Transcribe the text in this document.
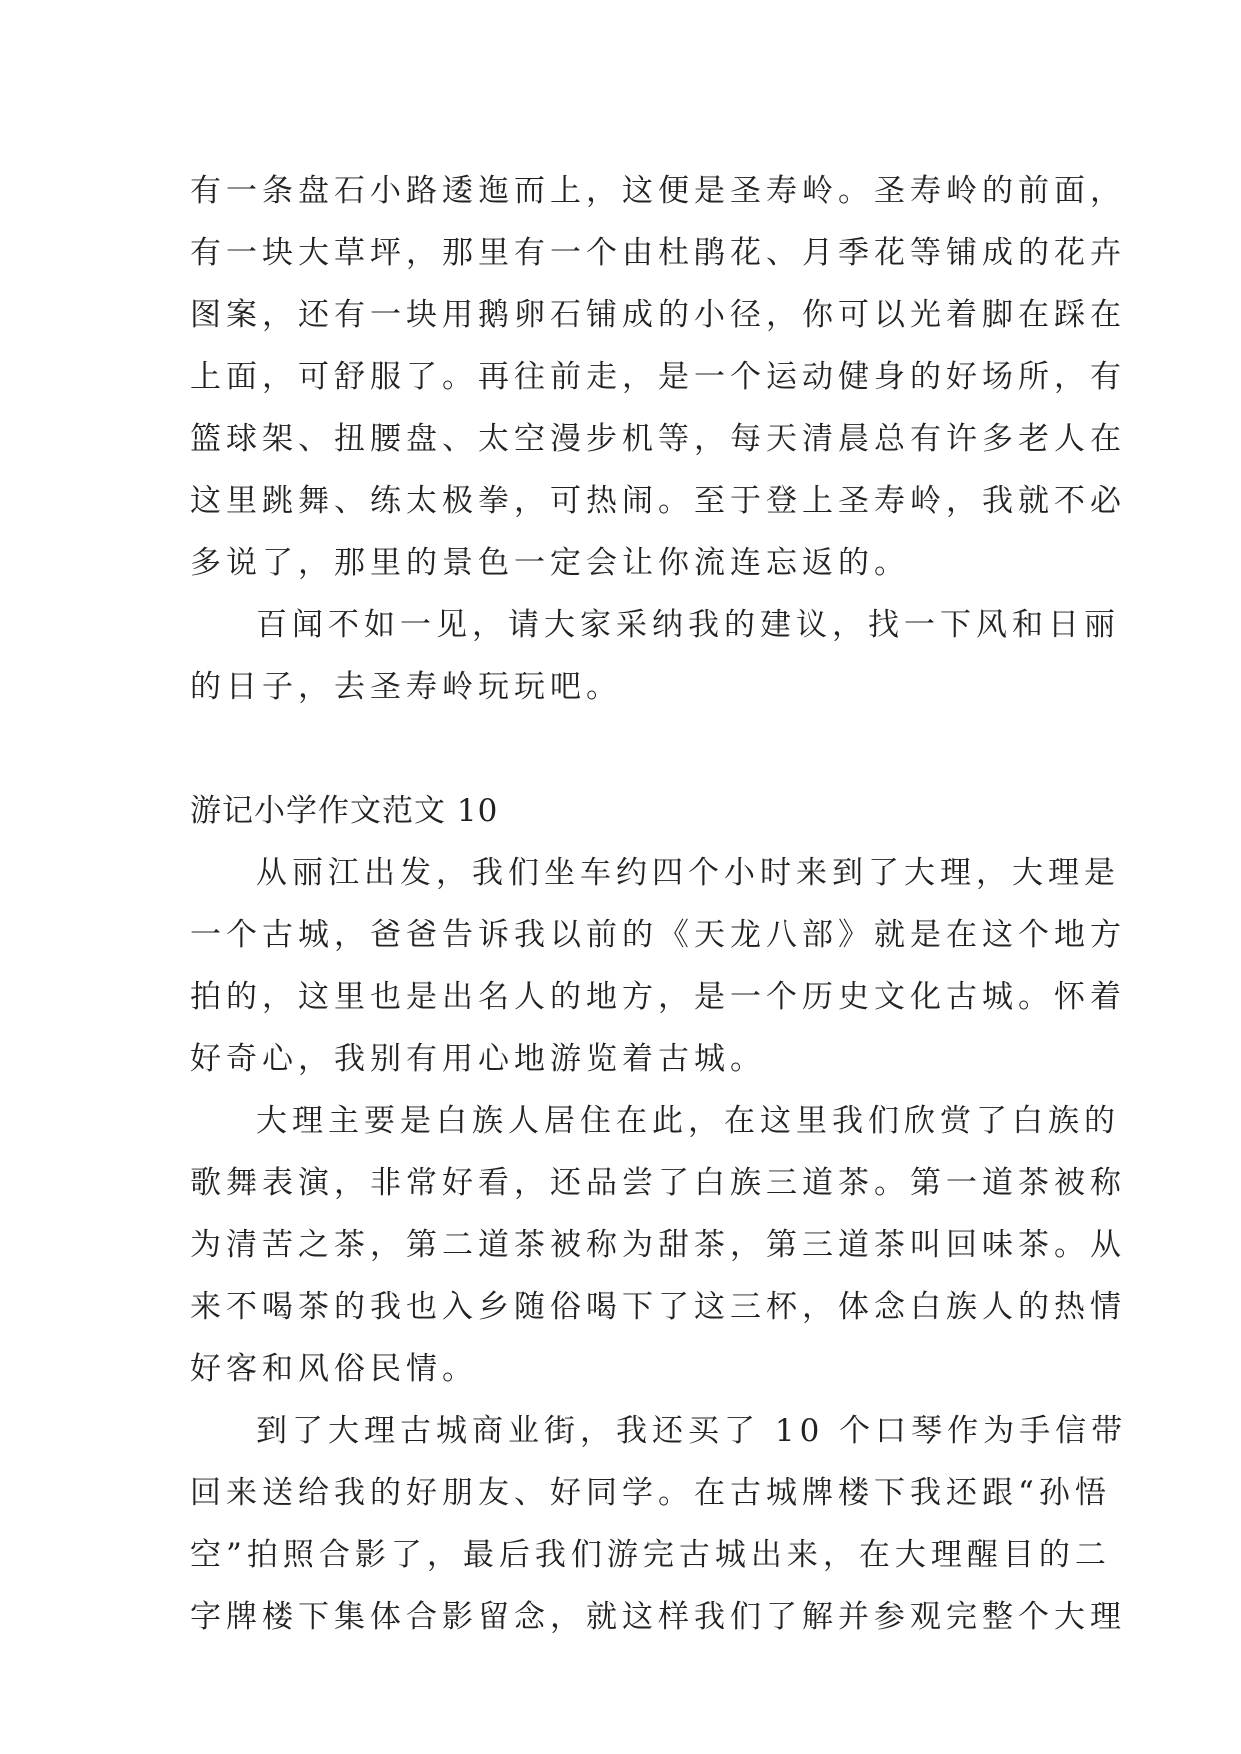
有一条盘石小路逶迤而上，这便是圣寿岭。圣寿岭的前面，
有一块大草坪，那里有一个由杜鹃花、月季花等铺成的花卉
图案，还有一块用鹅卵石铺成的小径，你可以光着脚在踩在
上面，可舒服了。再往前走，是一个运动健身的好场所，有
篮球架、扭腰盘、太空漫步机等，每天清晨总有许多老人在
这里跳舞、练太极拳，可热闹。至于登上圣寿岭，我就不必
多说了，那里的景色一定会让你流连忘返的。
百闻不如一见，请大家采纳我的建议，找一下风和日丽
的日子，去圣寿岭玩玩吧。
游记小学作文范文 10
从丽江出发，我们坐车约四个小时来到了大理，大理是
一个古城，爸爸告诉我以前的《天龙八部》就是在这个地方
拍的，这里也是出名人的地方，是一个历史文化古城。怀着
好奇心，我别有用心地游览着古城。
大理主要是白族人居住在此，在这里我们欣赏了白族的
歌舞表演，非常好看，还品尝了白族三道茶。第一道茶被称
为清苦之茶，第二道茶被称为甜茶，第三道茶叫回味茶。从
来不喝茶的我也入乡随俗喝下了这三杯，体念白族人的热情
好客和风俗民情。
到了大理古城商业街，我还买了 10 个口琴作为手信带
回来送给我的好朋友、好同学。在古城牌楼下我还跟“孙悟
空”拍照合影了，最后我们游完古城出来，在大理醒目的二
字牌楼下集体合影留念，就这样我们了解并参观完整个大理
